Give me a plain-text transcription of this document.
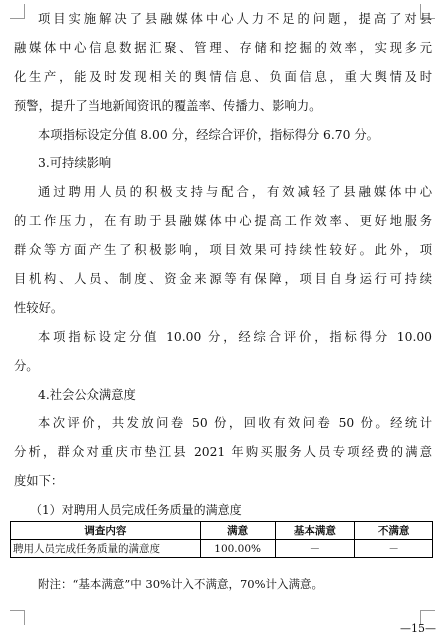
项目实施解决了县融媒体中心人力不足的问题，提高了对县
融媒体中心信息数据汇聚、管理、存储和挖掘的效率，实现多元
化生产，能及时发现相关的舆情信息、负面信息，重大舆情及时
预警，提升了当地新闻资讯的覆盖率、传播力、影响力。
本项指标设定分值 8.00 分，经综合评价，指标得分 6.70 分。
3.可持续影响
通过聘用人员的积极支持与配合，有效减轻了县融媒体中心
的工作压力，在有助于县融媒体中心提高工作效率、更好地服务
群众等方面产生了积极影响，项目效果可持续性较好。此外，项
目机构、人员、制度、资金来源等有保障，项目自身运行可持续
性较好。
本项指标设定分值 10.00 分，经综合评价，指标得分 10.00
分。
4.社会公众满意度
本次评价，共发放问卷 50 份，回收有效问卷 50 份。经统计
分析，群众对重庆市垫江县 2021 年购买服务人员专项经费的满意
度如下：
（1）对聘用人员完成任务质量的满意度
调查内容	满意	基本满意	不满意
聘用人员完成任务质量的满意度	100.00%	－	－
附注：“基本满意”中 30%计入不满意，70%计入满意。
—15—
